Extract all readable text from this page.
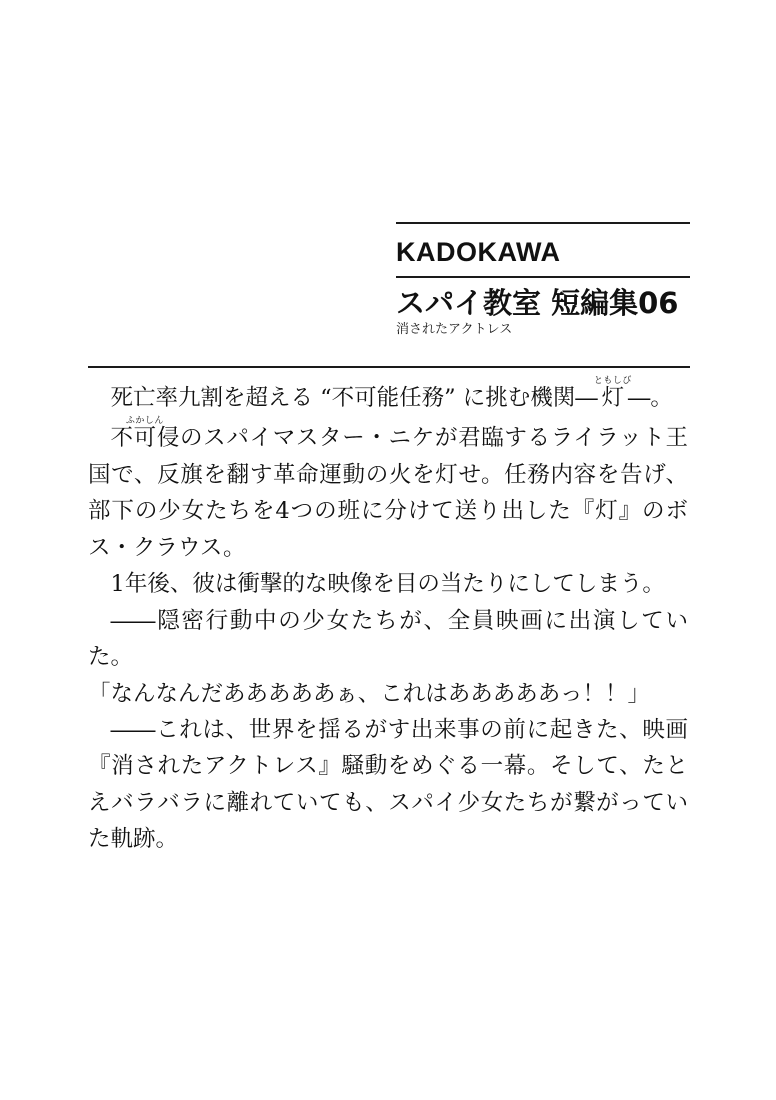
KADOKAWA
スパイ教室 短編集06
消されたアクトレス

死亡率九割を超える “不可能任務” に挑む機関―灯ともしび―。

不可侵ふかしんのスパイマスター・ニケが君臨するライラット王国で、反旗を翻す革命運動の火を灯せ。任務内容を告げ、部下の少女たちを4つの班に分けて送り出した『灯』のボス・クラウス。

1年後、彼は衝撃的な映像を目の当たりにしてしまう。

――隠密行動中の少女たちが、全員映画に出演していた。

「なんなんだあああああぁ、これはあああああっ！！」

――これは、世界を揺るがす出来事の前に起きた、映画『消されたアクトレス』騒動をめぐる一幕。そして、たとえバラバラに離れていても、スパイ少女たちが繋がっていた軌跡。
